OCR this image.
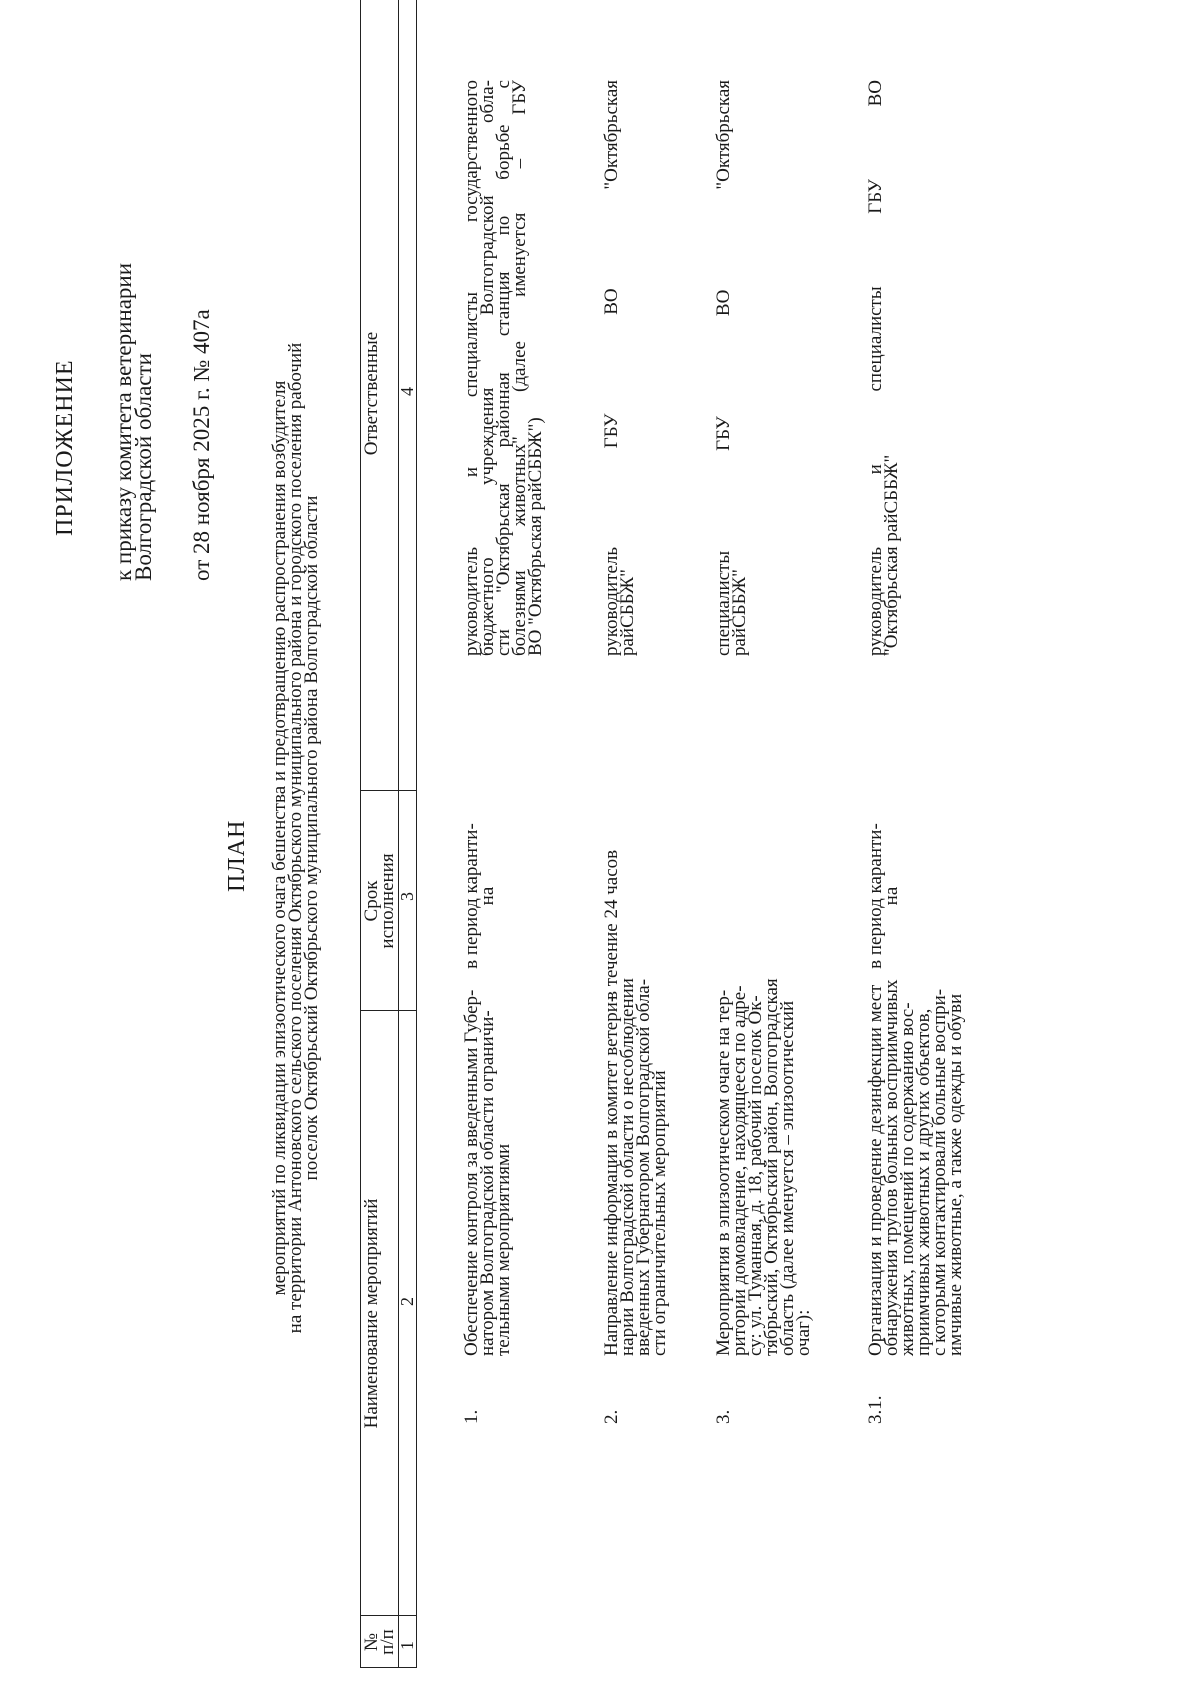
ПРИЛОЖЕНИЕ к приказу комитета ветеринарии
Волгоградской области от 28 ноября 2025 г. № 407а
ПЛАН мероприятий по ликвидации эпизоотического очага бешенства и предотвращению распространения возбудителя
на территории Антоновского сельского поселения Октябрьского муниципального района и городского поселения рабочий
поселок Октябрьский Октябрьского муниципального района Волгоградской области
№
п/п
Наименование мероприятий
Срок
исполнения
Ответственные
1
2
3
4
1.
Обеспечение контроля за введенными Губер-
натором Волгоградской области ограничи-
тельными мероприятиями
в период каранти-
на
руководитель и специалисты государственного
бюджетного учреждения Волгоградской обла-
сти "Октябрьская районная станция по борьбе с
болезнями животных" (далее именуется – ГБУ
ВО "Октябрьская райСББЖ")
2.
Направление информации в комитет ветери-
нарии Волгоградской области о несоблюдении
введенных Губернатором Волгоградской обла-
сти ограничительных мероприятий
в течение 24 часов
руководитель ГБУ ВО "Октябрьская
райСББЖ"
3.
Мероприятия в эпизоотическом очаге на тер-
ритории домовладение, находящееся по адре-
су: ул. Туманная, д. 18, рабочий поселок Ок-
тябрьский, Октябрьский район, Волгоградская
область (далее именуется – эпизоотический
очаг):
специалисты ГБУ ВО "Октябрьская
райСББЖ"
3.1.
Организация и проведение дезинфекции мест
обнаружения трупов больных восприимчивых
животных, помещений по содержанию вос-
приимчивых животных и других объектов,
с которыми контактировали больные воспри-
имчивые животные, а также одежды и обуви
в период каранти-
на
руководитель и специалисты ГБУ ВО
"Октябрьская райСББЖ"
